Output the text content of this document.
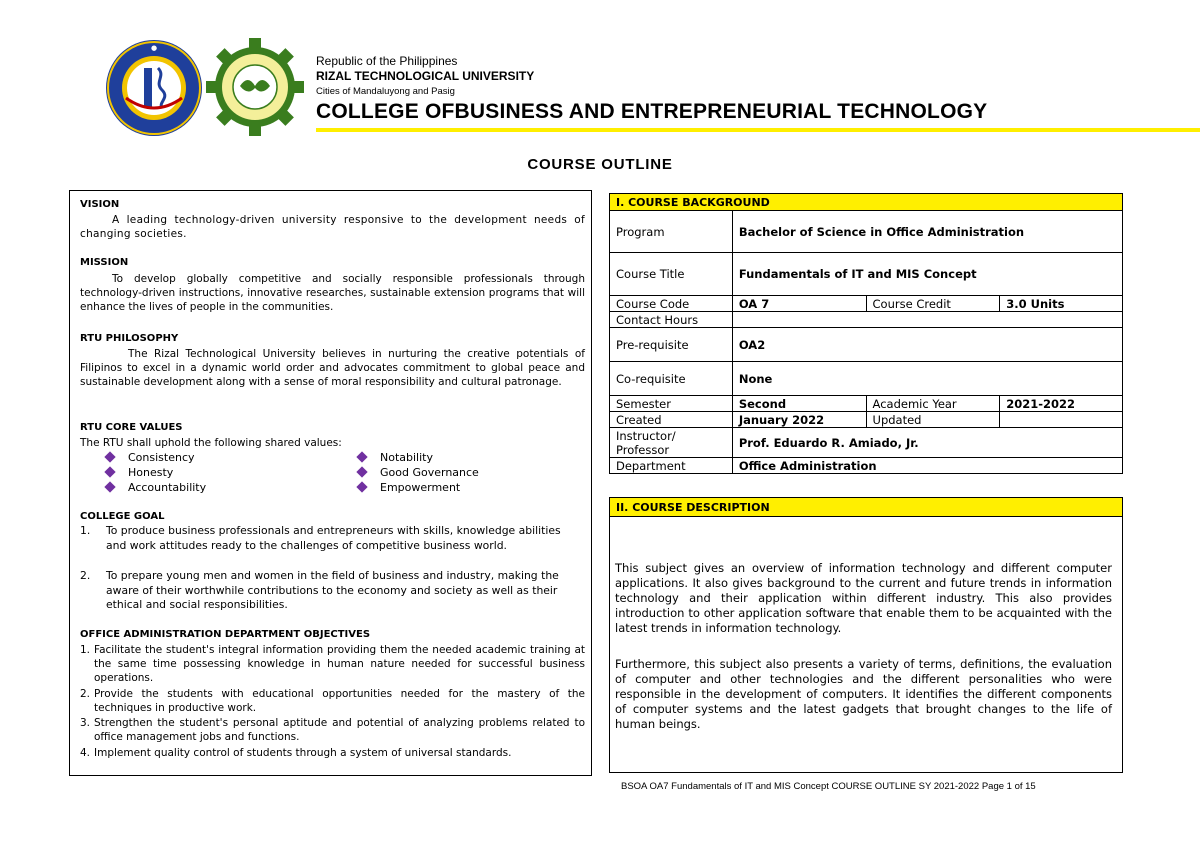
●
Republic of the Philippines
RIZAL TECHNOLOGICAL UNIVERSITY
Cities of Mandaluyong and Pasig
COLLEGE OFBUSINESS AND ENTREPRENEURIAL TECHNOLOGY
COURSE OUTLINE
VISION
A leading technology-driven university responsive to the development needs of changing societies.
MISSION
To develop globally competitive and socially responsible professionals through technology-driven instructions, innovative researches, sustainable extension programs that will enhance the lives of people in the communities.
RTU PHILOSOPHY
The Rizal Technological University believes in nurturing the creative potentials of Filipinos to excel in a dynamic world order and advocates commitment to global peace and sustainable development along with a sense of moral responsibility and cultural patronage.
RTU CORE VALUES
The RTU shall uphold the following shared values:
Consistency
Honesty
Accountability
Notability
Good Governance
Empowerment
COLLEGE GOAL
1. To produce business professionals and entrepreneurs with skills, knowledge abilities and work attitudes ready to the challenges of competitive business world.
2. To prepare young men and women in the field of business and industry, making the aware of their worthwhile contributions to the economy and society as well as their ethical and social responsibilities.
OFFICE ADMINISTRATION DEPARTMENT OBJECTIVES
1. Facilitate the student's integral information providing them the needed academic training at the same time possessing knowledge in human nature needed for successful business operations.
2. Provide the students with educational opportunities needed for the mastery of the techniques in productive work.
3. Strengthen the student's personal aptitude and potential of analyzing problems related to office management jobs and functions.
4. Implement quality control of students through a system of universal standards.
I. COURSE BACKGROUND			
Program	Bachelor of Science in Office Administration		
Course Title	Fundamentals of IT and MIS Concept		
Course Code	OA 7	Course Credit	3.0 Units
Contact Hours			
Pre-requisite	OA2		
Co-requisite	None		
Semester	Second	Academic Year	2021-2022
Created	January 2022	Updated	
Instructor/
Professor	Prof. Eduardo R. Amiado, Jr.		
Department	Office Administration		
II. COURSE DESCRIPTION

This subject gives an overview of information technology and different computer applications. It also gives background to the current and future trends in information technology and their application within different industry. This also provides introduction to other application software that enable them to be acquainted with the latest trends in information technology.
Furthermore, this subject also presents a variety of terms, definitions, the evaluation of computer and other technologies and the different personalities who were responsible in the development of computers. It identifies the different components of computer systems and the latest gadgets that brought changes to the life of human beings.
BSOA OA7 Fundamentals of IT and MIS Concept COURSE OUTLINE SY 2021-2022 Page 1 of 15
